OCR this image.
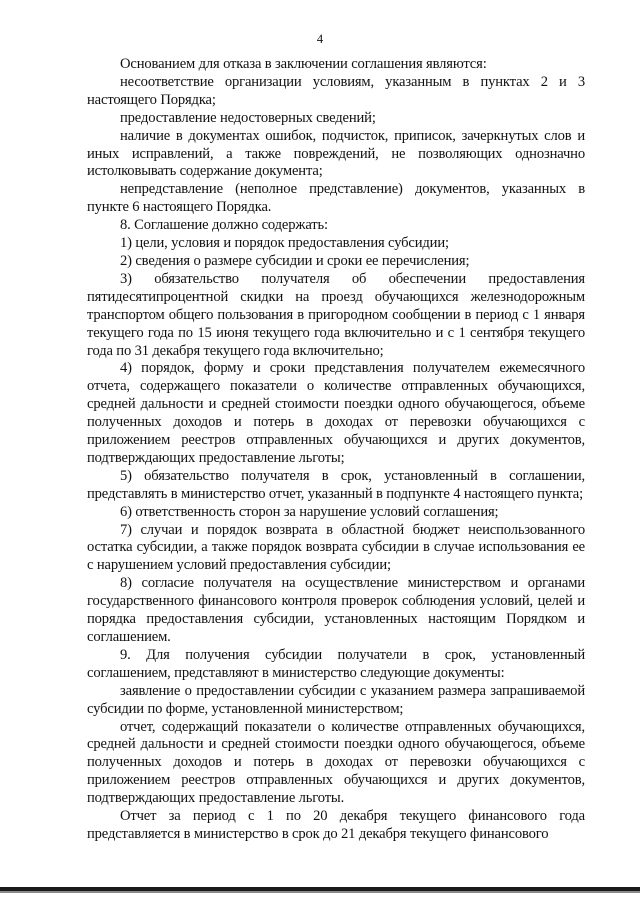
4

Основанием для отказа в заключении соглашения являются:

несоответствие организации условиям, указанным в пунктах 2 и 3 настоящего Порядка;

предоставление недостоверных сведений;

наличие в документах ошибок, подчисток, приписок, зачеркнутых слов и иных исправлений, а также повреждений, не позволяющих однозначно истолковывать содержание документа;

непредставление (неполное представление) документов, указанных в пункте 6 настоящего Порядка.

8. Соглашение должно содержать:

1) цели, условия и порядок предоставления субсидии;

2) сведения о размере субсидии и сроки ее перечисления;

3) обязательство получателя об обеспечении предоставления пятидесятипроцентной скидки на проезд обучающихся железнодорожным транспортом общего пользования в пригородном сообщении в период с 1 января текущего года по 15 июня текущего года включительно и с 1 сентября текущего года по 31 декабря текущего года включительно;

4) порядок, форму и сроки представления получателем ежемесячного отчета, содержащего показатели о количестве отправленных обучающихся, средней дальности и средней стоимости поездки одного обучающегося, объеме полученных доходов и потерь в доходах от перевозки обучающихся с приложением реестров отправленных обучающихся и других документов, подтверждающих предоставление льготы;

5) обязательство получателя в срок, установленный в соглашении, представлять в министерство отчет, указанный в подпункте 4 настоящего пункта;

6) ответственность сторон за нарушение условий соглашения;

7) случаи и порядок возврата в областной бюджет неиспользованного остатка субсидии, а также порядок возврата субсидии в случае использования ее с нарушением условий предоставления субсидии;

8) согласие получателя на осуществление министерством и органами государственного финансового контроля проверок соблюдения условий, целей и порядка предоставления субсидии, установленных настоящим Порядком и соглашением.

9. Для получения субсидии получатели в срок, установленный соглашением, представляют в министерство следующие документы:

заявление о предоставлении субсидии с указанием размера запрашиваемой субсидии по форме, установленной министерством;

отчет, содержащий показатели о количестве отправленных обучающихся, средней дальности и средней стоимости поездки одного обучающегося, объеме полученных доходов и потерь в доходах от перевозки обучающихся с приложением реестров отправленных обучающихся и других документов, подтверждающих предоставление льготы.

Отчет за период с 1 по 20 декабря текущего финансового года представляется в министерство в срок до 21 декабря текущего финансового
